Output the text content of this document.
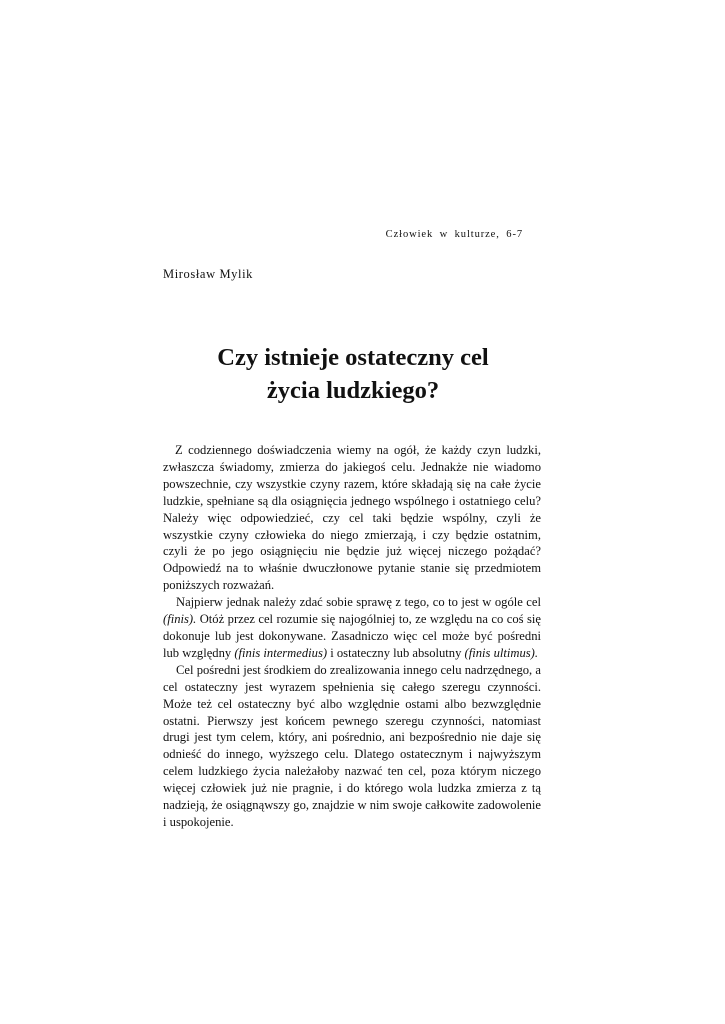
Człowiek w kulturze, 6-7
Mirosław Mylik
Czy istnieje ostateczny cel
życia ludzkiego?

Z codziennego doświadczenia wiemy na ogół, że każdy czyn ludzki, zwłaszcza świadomy, zmierza do jakiegoś celu. Jednakże nie wiadomo powszechnie, czy wszystkie czyny razem, które składają się na całe życie ludzkie, spełniane są dla osiągnięcia jednego wspólnego i ostatniego celu? Należy więc odpowiedzieć, czy cel taki będzie wspólny, czyli że wszystkie czyny człowieka do niego zmierzają, i czy będzie ostatnim, czyli że po jego osiągnięciu nie będzie już więcej niczego pożądać? Odpowiedź na to właśnie dwuczłonowe pytanie stanie się przedmiotem poniższych rozważań.

Najpierw jednak należy zdać sobie sprawę z tego, co to jest w ogóle cel (finis). Otóż przez cel rozumie się najogólniej to, ze względu na co coś się dokonuje lub jest dokonywane. Zasadniczo więc cel może być pośredni lub względny (finis intermedius) i ostateczny lub absolutny (finis ultimus).

Cel pośredni jest środkiem do zrealizowania innego celu nadrzędnego, a cel ostateczny jest wyrazem spełnienia się całego szeregu czynności. Może też cel ostateczny być albo względnie ostami albo bezwzględnie ostatni. Pierwszy jest końcem pewnego szeregu czynności, natomiast drugi jest tym celem, który, ani pośrednio, ani bezpośrednio nie daje się odnieść do innego, wyższego celu. Dlatego ostatecznym i najwyższym celem ludzkiego życia należałoby nazwać ten cel, poza którym niczego więcej człowiek już nie pragnie, i do którego wola ludzka zmierza z tą nadzieją, że osiągnąwszy go, znajdzie w nim swoje całkowite zadowolenie i uspokojenie.
